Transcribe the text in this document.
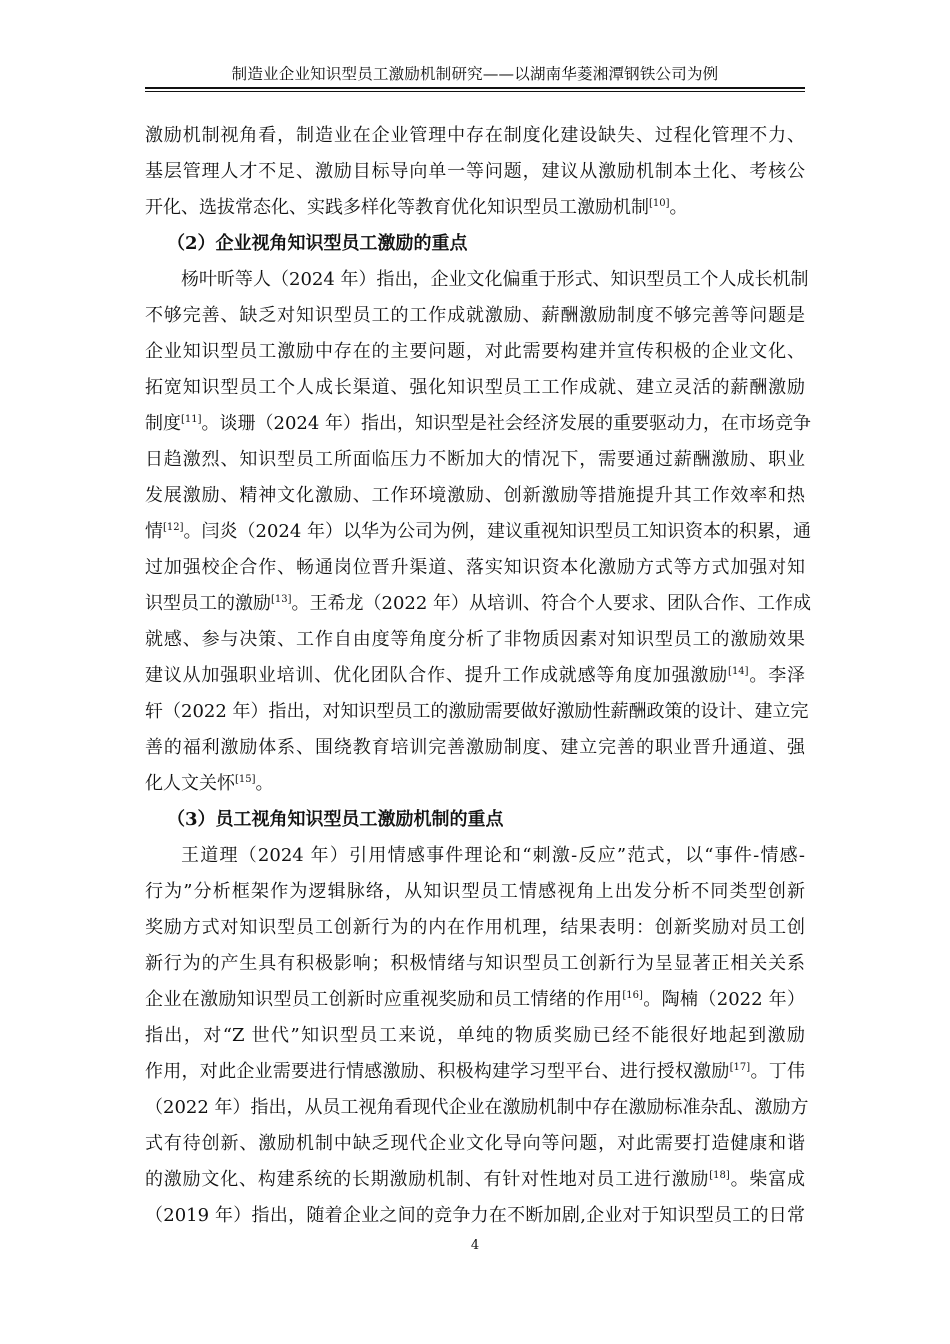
制造业企业知识型员工激励机制研究——以湖南华菱湘潭钢铁公司为例
激励机制视角看，制造业在企业管理中存在制度化建设缺失、过程化管理不力、
基层管理人才不足、激励目标导向单一等问题，建议从激励机制本土化、考核公
开化、选拔常态化、实践多样化等教育优化知识型员工激励机制[10]。
（2）企业视角知识型员工激励的重点
杨叶昕等人（2024 年）指出，企业文化偏重于形式、知识型员工个人成长机制
不够完善、缺乏对知识型员工的工作成就激励、薪酬激励制度不够完善等问题是
企业知识型员工激励中存在的主要问题，对此需要构建并宣传积极的企业文化、
拓宽知识型员工个人成长渠道、强化知识型员工工作成就、建立灵活的薪酬激励
制度[11]。谈珊（2024 年）指出，知识型是社会经济发展的重要驱动力，在市场竞争
日趋激烈、知识型员工所面临压力不断加大的情况下，需要通过薪酬激励、职业
发展激励、精神文化激励、工作环境激励、创新激励等措施提升其工作效率和热
情[12]。闫炎（2024 年）以华为公司为例，建议重视知识型员工知识资本的积累，通
过加强校企合作、畅通岗位晋升渠道、落实知识资本化激励方式等方式加强对知
识型员工的激励[13]。王希龙（2022 年）从培训、符合个人要求、团队合作、工作成
就感、参与决策、工作自由度等角度分析了非物质因素对知识型员工的激励效果
建议从加强职业培训、优化团队合作、提升工作成就感等角度加强激励[14]。李泽
轩（2022 年）指出，对知识型员工的激励需要做好激励性薪酬政策的设计、建立完
善的福利激励体系、围绕教育培训完善激励制度、建立完善的职业晋升通道、强
化人文关怀[15]。
（3）员工视角知识型员工激励机制的重点
王道理（2024 年）引用情感事件理论和“刺激-反应”范式，以“事件-情感-
行为”分析框架作为逻辑脉络，从知识型员工情感视角上出发分析不同类型创新
奖励方式对知识型员工创新行为的内在作用机理，结果表明：创新奖励对员工创
新行为的产生具有积极影响；积极情绪与知识型员工创新行为呈显著正相关关系
企业在激励知识型员工创新时应重视奖励和员工情绪的作用[16]。陶楠（2022 年）
指出，对“Z 世代”知识型员工来说，单纯的物质奖励已经不能很好地起到激励
作用，对此企业需要进行情感激励、积极构建学习型平台、进行授权激励[17]。丁伟
（2022 年）指出，从员工视角看现代企业在激励机制中存在激励标准杂乱、激励方
式有待创新、激励机制中缺乏现代企业文化导向等问题，对此需要打造健康和谐
的激励文化、构建系统的长期激励机制、有针对性地对员工进行激励[18]。柴富成
（2019 年）指出，随着企业之间的竞争力在不断加剧,企业对于知识型员工的日常
4
